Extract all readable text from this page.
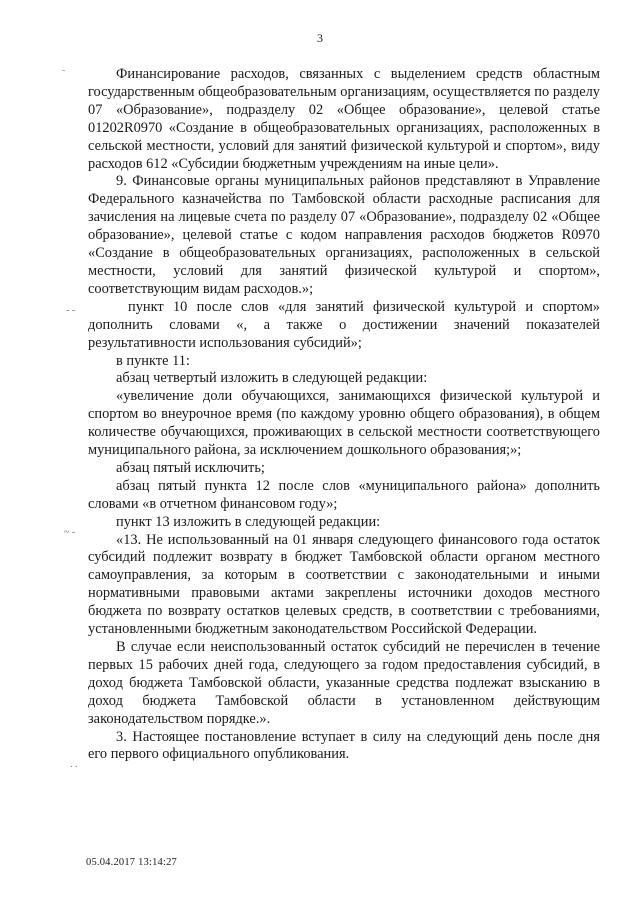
3

Финансирование расходов, связанных с выделением средств областным государственным общеобразовательным организациям, осуществляется по разделу 07 «Образование», подразделу 02 «Общее образование», целевой статье 01202R0970 «Создание в общеобразовательных организациях, расположенных в сельской местности, условий для занятий физической культурой и спортом», виду расходов 612 «Субсидии бюджетным учреждениям на иные цели».

9. Финансовые органы муниципальных районов представляют в Управление Федерального казначейства по Тамбовской области расходные расписания для зачисления на лицевые счета по разделу 07 «Образование», подразделу 02 «Общее образование», целевой статье с кодом направления расходов бюджетов R0970 «Создание в общеобразовательных организациях, расположенных в сельской местности, условий для занятий физической культурой и спортом», соответствующим видам расходов.»;

пункт 10 после слов «для занятий физической культурой и спортом» дополнить словами «, а также о достижении значений показателей результативности использования субсидий»;

в пункте 11:

абзац четвертый изложить в следующей редакции:

«увеличение доли обучающихся, занимающихся физической культурой и спортом во внеурочное время (по каждому уровню общего образования), в общем количестве обучающихся, проживающих в сельской местности соответствующего муниципального района, за исключением дошкольного образования;»;

абзац пятый исключить;

абзац пятый пункта 12 после слов «муниципального района» дополнить словами «в отчетном финансовом году»;

пункт 13 изложить в следующей редакции:

«13. Не использованный на 01 января следующего финансового года остаток субсидий подлежит возврату в бюджет Тамбовской области органом местного самоуправления, за которым в соответствии с законодательными и иными нормативными правовыми актами закреплены источники доходов местного бюджета по возврату остатков целевых средств, в соответствии с требованиями, установленными бюджетным законодательством Российской Федерации.

В случае если неиспользованный остаток субсидий не перечислен в течение первых 15 рабочих дней года, следующего за годом предоставления субсидий, в доход бюджета Тамбовской области, указанные средства подлежат взысканию в доход бюджета Тамбовской области в установленном действующим законодательством порядке.».

3. Настоящее постановление вступает в силу на следующий день после дня его первого официального опубликования.

05.04.2017 13:14:27
˜
- -
~ -
. .
